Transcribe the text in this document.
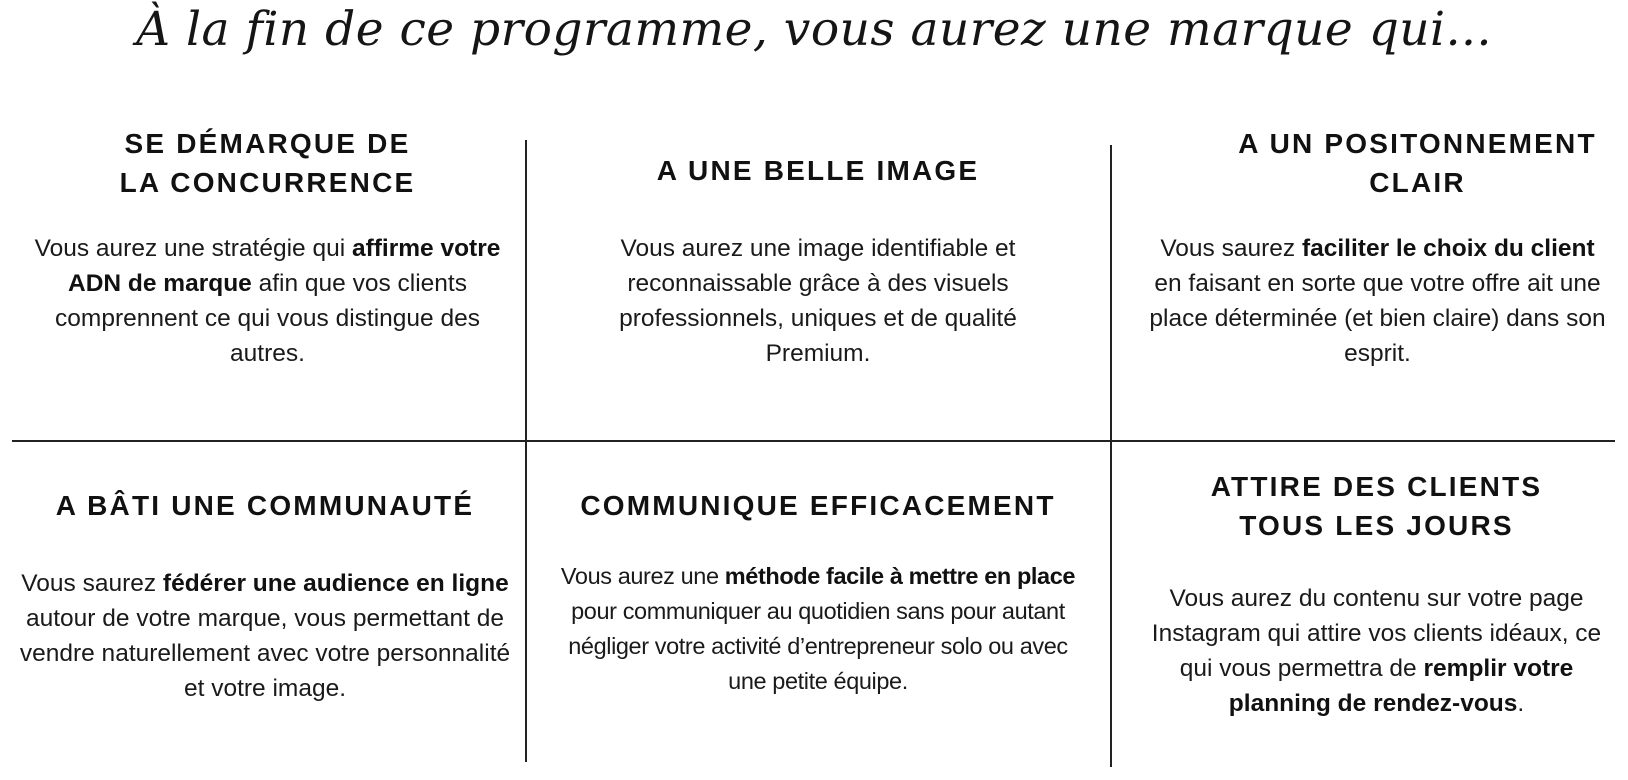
À la fin de ce programme, vous aurez une marque qui...
SE DÉMARQUE DE
LA CONCURRENCE

Vous aurez une stratégie qui affirme votre ADN de marque afin que vos clients comprennent ce qui vous distingue des autres.

A UNE BELLE IMAGE

Vous aurez une image identifiable et reconnaissable grâce à des visuels professionnels, uniques et de qualité Premium.

A UN POSITONNEMENT
CLAIR

Vous saurez faciliter le choix du client en faisant en sorte que votre offre ait une place déterminée (et bien claire) dans son esprit.

A BÂTI UNE COMMUNAUTÉ

Vous saurez fédérer une audience en ligne autour de votre marque, vous permettant de vendre naturellement avec votre personnalité et votre image.

COMMUNIQUE EFFICACEMENT

Vous aurez une méthode facile à mettre en place pour communiquer au quotidien sans pour autant négliger votre activité d’entrepreneur solo ou avec une petite équipe.

ATTIRE DES CLIENTS
TOUS LES JOURS

Vous aurez du contenu sur votre page Instagram qui attire vos clients idéaux, ce qui vous permettra de remplir votre planning de rendez-vous.
